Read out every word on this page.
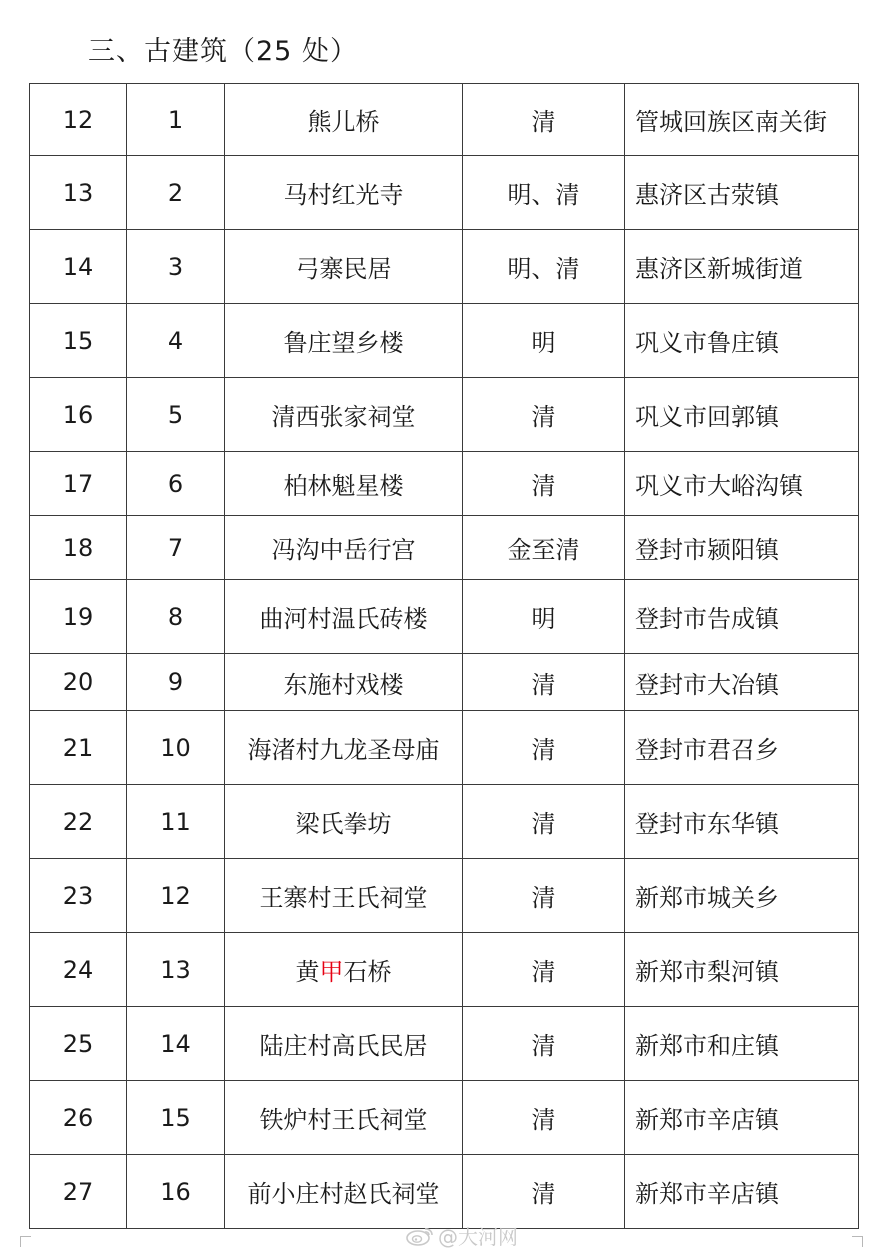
三、古建筑（25 处）
12	1	熊儿桥	清	管城回族区南关街
13	2	马村红光寺	明、清	惠济区古荥镇
14	3	弓寨民居	明、清	惠济区新城街道
15	4	鲁庄望乡楼	明	巩义市鲁庄镇
16	5	清西张家祠堂	清	巩义市回郭镇
17	6	柏林魁星楼	清	巩义市大峪沟镇
18	7	冯沟中岳行宫	金至清	登封市颍阳镇
19	8	曲河村温氏砖楼	明	登封市告成镇
20	9	东施村戏楼	清	登封市大冶镇
21	10	海渚村九龙圣母庙	清	登封市君召乡
22	11	梁氏拳坊	清	登封市东华镇
23	12	王寨村王氏祠堂	清	新郑市城关乡
24	13	黄甲石桥	清	新郑市梨河镇
25	14	陆庄村高氏民居	清	新郑市和庄镇
26	15	铁炉村王氏祠堂	清	新郑市辛店镇
27	16	前小庄村赵氏祠堂	清	新郑市辛店镇
@大河网
